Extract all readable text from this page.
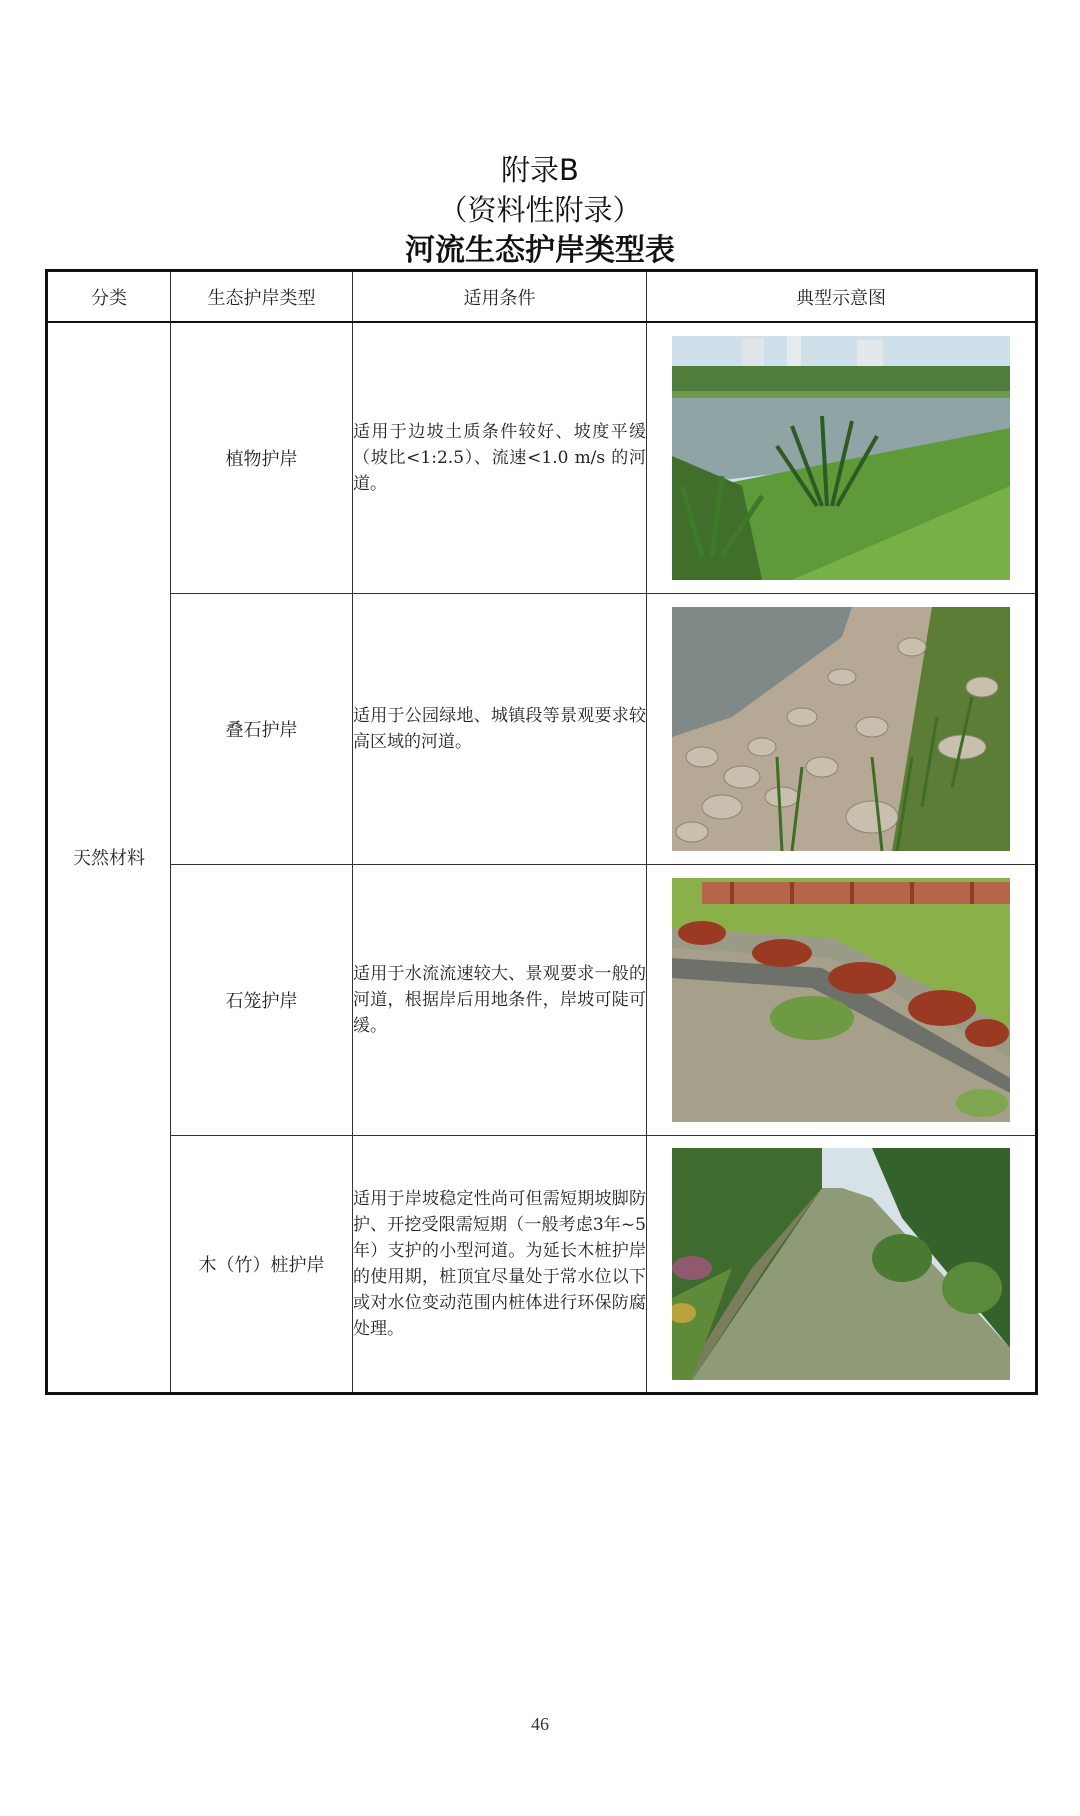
附录B
（资料性附录）
河流生态护岸类型表
分类	生态护岸类型	适用条件	典型示意图
天然材料	植物护岸	适用于边坡土质条件较好、坡度平缓（坡比<1:2.5）、流速<1.0 m/s 的河道。	

	叠石护岸	适用于公园绿地、城镇段等景观要求较高区域的河道。	

	石笼护岸	适用于水流流速较大、景观要求一般的河道，根据岸后用地条件，岸坡可陡可缓。	

	木（竹）桩护岸	适用于岸坡稳定性尚可但需短期坡脚防护、开挖受限需短期（一般考虑3年~5年）支护的小型河道。为延长木桩护岸的使用期，桩顶宜尽量处于常水位以下或对水位变动范围内桩体进行环保防腐处理。	
46
